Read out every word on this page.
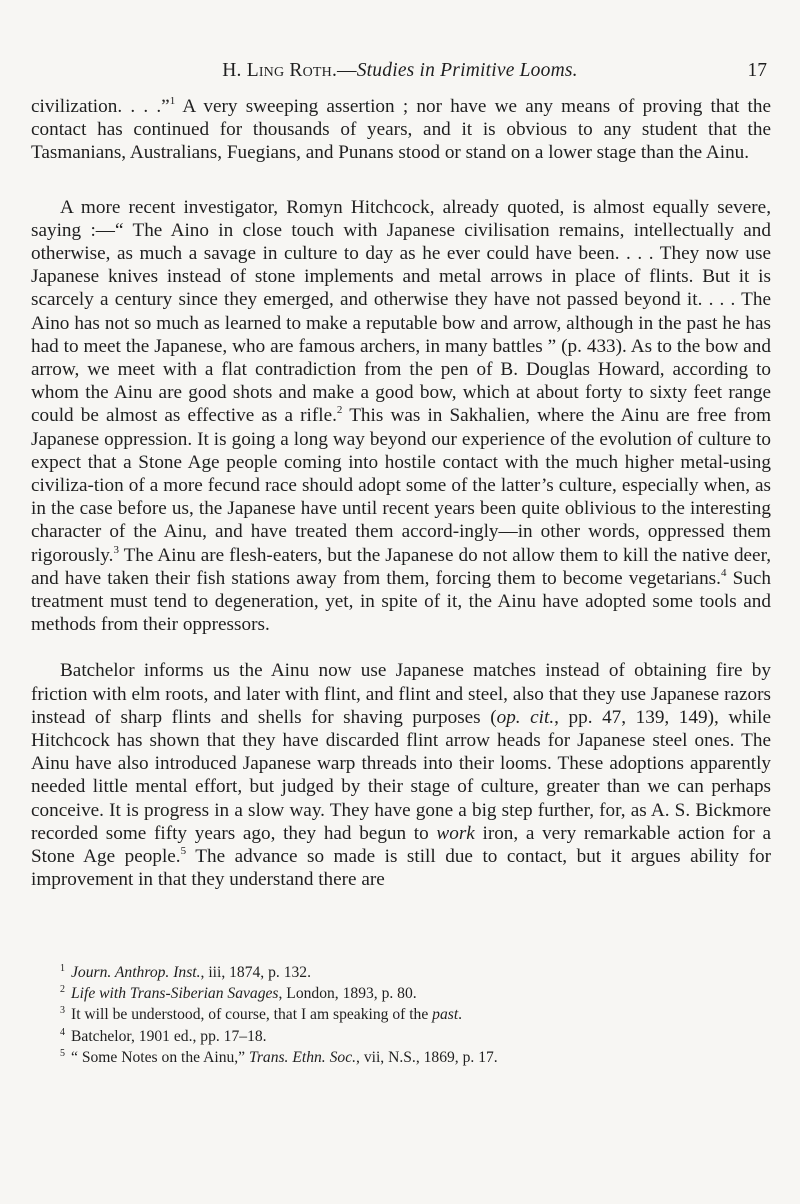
H. Ling Roth.—Studies in Primitive Looms.	17

civilization. . . .”$^1$ A very sweeping assertion ; nor have we any means of proving that the contact has continued for thousands of years, and it is obvious to any student that the Tasmanians, Australians, Fuegians, and Punans stood or stand on a lower stage than the Ainu.

A more recent investigator, Romyn Hitchcock, already quoted, is almost equally severe, saying :—“ The Aino in close touch with Japanese civilisation remains, intellectually and otherwise, as much a savage in culture to day as he ever could have been. . . . They now use Japanese knives instead of stone implements and metal arrows in place of flints. But it is scarcely a century since they emerged, and otherwise they have not passed beyond it. . . . The Aino has not so much as learned to make a reputable bow and arrow, although in the past he has had to meet the Japanese, who are famous archers, in many battles ” (p. 433). As to the bow and arrow, we meet with a flat contradiction from the pen of B. Douglas Howard, according to whom the Ainu are good shots and make a good bow, which at about forty to sixty feet range could be almost as effective as a rifle.$^2$ This was in Sakhalien, where the Ainu are free from Japanese oppression. It is going a long way beyond our experience of the evolution of culture to expect that a Stone Age people coming into hostile contact with the much higher metal-using civiliza-tion of a more fecund race should adopt some of the latter’s culture, especially when, as in the case before us, the Japanese have until recent years been quite oblivious to the interesting character of the Ainu, and have treated them accord-ingly—in other words, oppressed them rigorously.$^3$ The Ainu are flesh-eaters, but the Japanese do not allow them to kill the native deer, and have taken their fish stations away from them, forcing them to become vegetarians.$^4$ Such treatment must tend to degeneration, yet, in spite of it, the Ainu have adopted some tools and methods from their oppressors.

Batchelor informs us the Ainu now use Japanese matches instead of obtaining fire by friction with elm roots, and later with flint, and flint and steel, also that they use Japanese razors instead of sharp flints and shells for shaving purposes (op. cit., pp. 47, 139, 149), while Hitchcock has shown that they have discarded flint arrow heads for Japanese steel ones. The Ainu have also introduced Japanese warp threads into their looms. These adoptions apparently needed little mental effort, but judged by their stage of culture, greater than we can perhaps conceive. It is progress in a slow way. They have gone a big step further, for, as A. S. Bickmore recorded some fifty years ago, they had begun to work iron, a very remarkable action for a Stone Age people.$^5$ The advance so made is still due to contact, but it argues ability for improvement in that they understand there are

$^1$ Journ. Anthrop. Inst., iii, 1874, p. 132.
$^2$ Life with Trans-Siberian Savages, London, 1893, p. 80.
$^3$ It will be understood, of course, that I am speaking of the past.
$^4$ Batchelor, 1901 ed., pp. 17–18.
$^5$ “ Some Notes on the Ainu,” Trans. Ethn. Soc., vii, N.S., 1869, p. 17.
